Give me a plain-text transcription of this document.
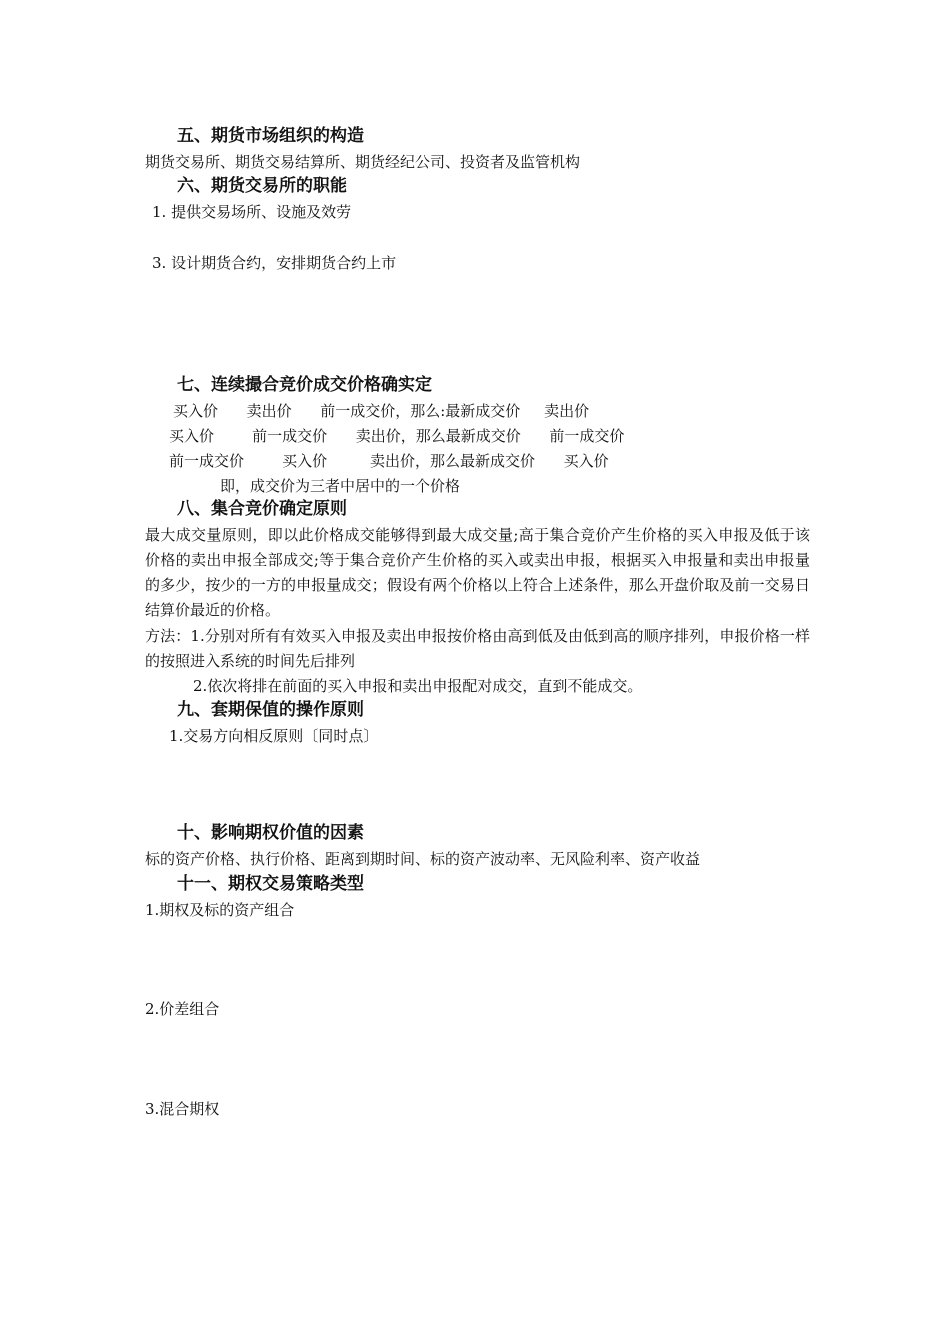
五、期货市场组织的构造
期货交易所、期货交易结算所、期货经纪公司、投资者及监管机构
六、期货交易所的职能
1. 提供交易场所、设施及效劳
3. 设计期货合约，安排期货合约上市
七、连续撮合竞价成交价格确实定
买入价      卖出价      前一成交价，那么:最新成交价     卖出价
买入价        前一成交价      卖出价，那么最新成交价      前一成交价
前一成交价        买入价         卖出价，那么最新成交价      买入价
即，成交价为三者中居中的一个价格
八、集合竞价确定原则
最大成交量原则，即以此价格成交能够得到最大成交量;高于集合竞价产生价格的买入申报及低于该价格的卖出申报全部成交;等于集合竞价产生价格的买入或卖出申报，根据买入申报量和卖出申报量的多少，按少的一方的申报量成交；假设有两个价格以上符合上述条件，那么开盘价取及前一交易日结算价最近的价格。
方法：1.分别对所有有效买入申报及卖出申报按价格由高到低及由低到高的顺序排列，申报价格一样的按照进入系统的时间先后排列
2.依次将排在前面的买入申报和卖出申报配对成交，直到不能成交。
九、套期保值的操作原则
1.交易方向相反原则〔同时点〕
十、影响期权价值的因素
标的资产价格、执行价格、距离到期时间、标的资产波动率、无风险利率、资产收益
十一、期权交易策略类型
1.期权及标的资产组合
2.价差组合
3.混合期权
